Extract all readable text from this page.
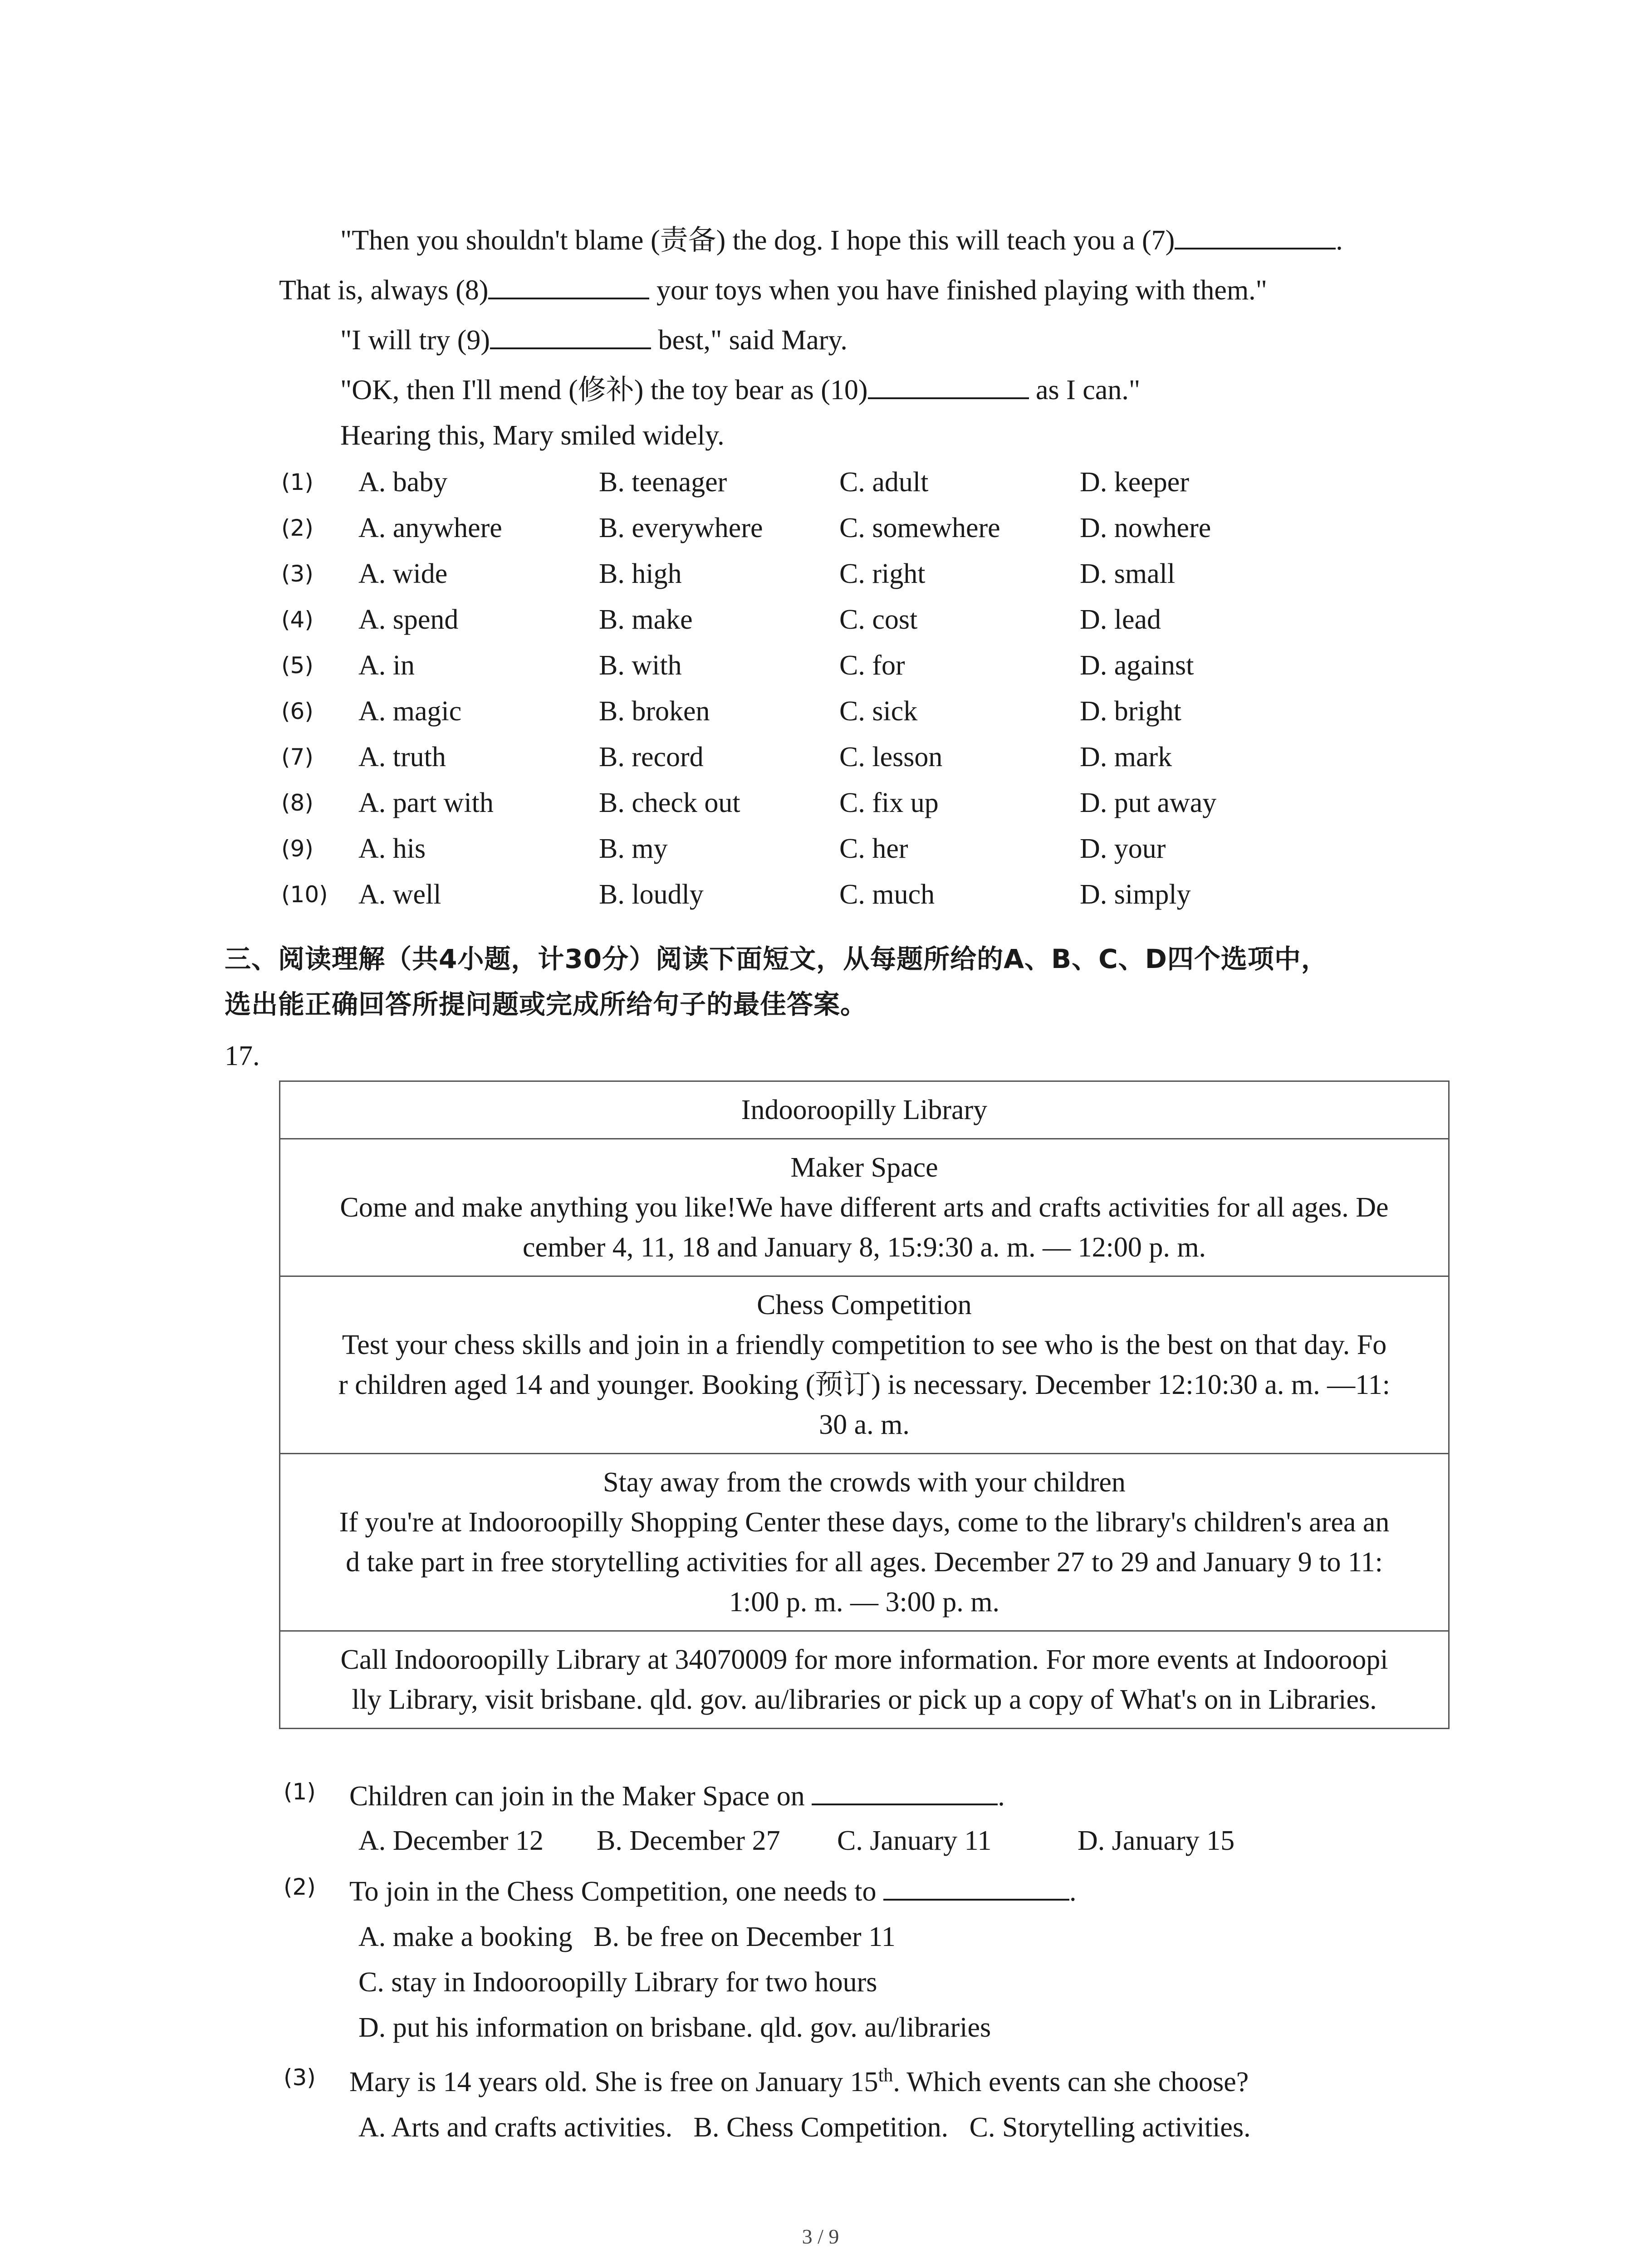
"Then you shouldn't blame (责备) the dog. I hope this will teach you a (7)	.
That is, always (8)	your toys when you have finished playing with them."
"I will try (9)	best," said Mary.
"OK, then I'll mend (修补) the toy bear as (10)	as I can."
Hearing this, Mary smiled widely.
(1) A. baby	B. teenager	C. adult	D. keeper
(2) A. anywhere	B. everywhere	C. somewhere	D. nowhere
(3) A. wide	B. high	C. right	D. small
(4) A. spend	B. make	C. cost	D. lead
(5) A. in	B. with	C. for	D. against
(6) A. magic	B. broken	C. sick	D. bright
(7) A. truth	B. record	C. lesson	D. mark
(8) A. part with	B. check out	C. fix up	D. put away
(9) A. his	B. my	C. her	D. your
(10) A. well	B. loudly	C. much	D. simply
三、阅读理解（共4小题，计30分）阅读下面短文，从每题所给的A、B、C、D四个选项中，
选出能正确回答所提问题或完成所给句子的最佳答案。
17.
Indooroopilly Library

Maker Space
Come and make anything you like!We have different arts and crafts activities for all ages. De
cember 4, 11, 18 and January 8, 15:9:30 a. m. — 12:00 p. m.

Chess Competition
Test your chess skills and join in a friendly competition to see who is the best on that day. Fo
r children aged 14 and younger. Booking (预订) is necessary. December 12:10:30 a. m. —11:
30 a. m.

Stay away from the crowds with your children
If you're at Indooroopilly Shopping Center these days, come to the library's children's area an
d take part in free storytelling activities for all ages. December 27 to 29 and January 9 to 11:
1:00 p. m. — 3:00 p. m.

Call Indooroopilly Library at 34070009 for more information. For more events at Indooroopi
lly Library, visit brisbane. qld. gov. au/libraries or pick up a copy of What's on in Libraries.
(1) Children can join in the Maker Space on	.
A. December 12 B. December 27 C. January 11	D. January 15
(2) To join in the Chess Competition, one needs to	.
A. make a booking B. be free on December 11
C. stay in Indooroopilly Library for two hours
D. put his information on brisbane. qld. gov. au/libraries
(3) Mary is 14 years old. She is free on January 15th. Which events can she choose?
A. Arts and crafts activities. B. Chess Competition. C. Storytelling activities.
3 / 9
